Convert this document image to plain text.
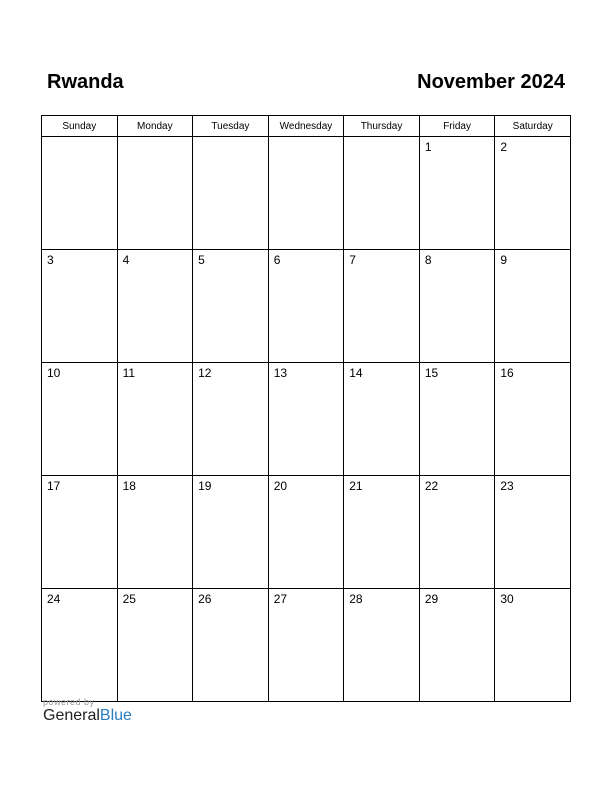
Rwanda	November 2024
Sunday	Monday	Tuesday	Wednesday	Thursday	Friday	Saturday
					1	2
3	4	5	6	7	8	9
10	11	12	13	14	15	16
17	18	19	20	21	22	23
24	25	26	27	28	29	30
powered by
GeneralBlue
